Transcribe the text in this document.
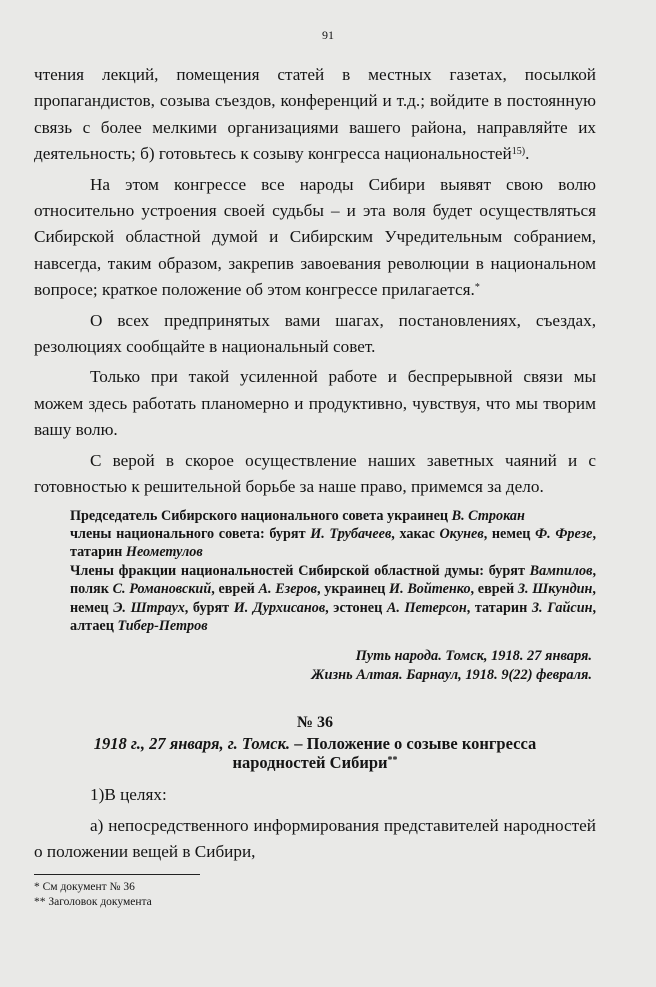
91

чтения лекций, помещения статей в местных газетах, посылкой пропагандистов, созыва съездов, конференций и т.д.; войдите в постоянную связь с более мелкими организациями вашего района, направляйте их деятельность; б) готовьтесь к созыву конгресса национальностей$^{15)}$.

На этом конгрессе все народы Сибири выявят свою волю относительно устроения своей судьбы – и эта воля будет осуществляться Сибирской областной думой и Сибирским Учредительным собранием, навсегда, таким образом, закрепив завоевания революции в национальном вопросе; краткое положение об этом конгрессе прилагается.*

О всех предпринятых вами шагах, постановлениях, съездах, резолюциях сообщайте в национальный совет.

Только при такой усиленной работе и беспрерывной связи мы можем здесь работать планомерно и продуктивно, чувствуя, что мы творим вашу волю.

С верой в скорое осуществление наших заветных чаяний и с готовностью к решительной борьбе за наше право, примемся за дело.

Председатель Сибирского национального совета украинец В. Строкан
члены национального совета: бурят И. Трубачеев, хакас Окунев, немец Ф. Фрезе, татарин Неометулов
Члены фракции национальностей Сибирской областной думы: бурят Вампилов, поляк С. Романовский, еврей А. Езеров, украинец И. Войтенко, еврей З. Шкундин, немец Э. Штраух, бурят И. Дурхисанов, эстонец А. Петерсон, татарин З. Гайсин, алтаец Тибер-Петров
Путь народа. Томск, 1918. 27 января.
Жизнь Алтая. Барнаул, 1918. 9(22) февраля.
№ 36
1918 г., 27 января, г. Томск. – Положение о созыве конгресса народностей Сибири**

1)В целях:

а) непосредственного информирования представителей народностей о положении вещей в Сибири,

* См документ № 36
** Заголовок документа
